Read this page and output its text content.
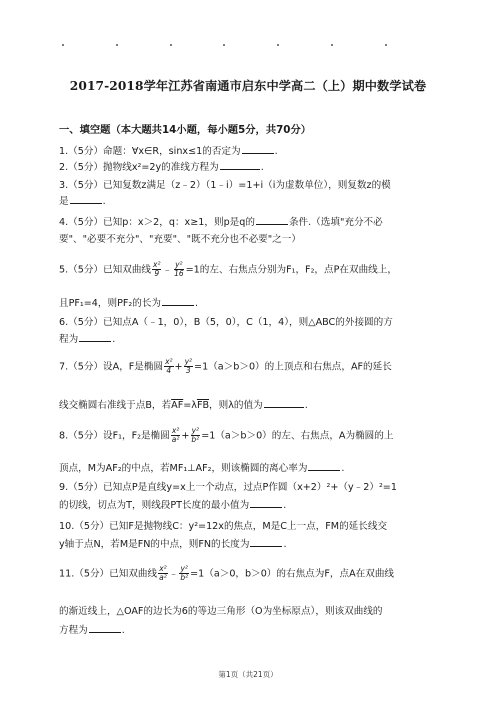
2017-2018学年江苏省南通市启东中学高二（上）期中数学试卷
一、填空题（本大题共14小题，每小题5分，共70分）
1.（5分）命题：∀x∈R，sinx≤1的否定为	.
2.（5分）抛物线x²=2y的准线方程为	.
3.（5分）已知复数z满足（z﹣2）（1﹣i）=1+i（i为虚数单位），则复数z的模
是	.
4.（5分）已知p：x＞2，q：x≥1，则p是q的	条件.（选填"充分不必
要"、"必要不充分"、"充要"、"既不充分也不必要"之一）
5.（5分）已知双曲线 $\frac{\text{x²}}{9}$ ﹣ $\frac{\text{y²}}{16} =1$的左、右焦点分别为F₁，F₂，点P在双曲线上，
且PF₁=4，则PF₂的长为	.
6.（5分）已知点A（﹣1，0），B（5，0），C（1，4），则△ABC的外接圆的方
程为	.
7.（5分）设A，F是椭圆 $\frac{\text{x²}}{4} + \frac{\text{y²}}{3} =1(a>b>0)$的上顶点和右焦点，AF的延长
线交椭圆右准线于点B，若$\overline{AF}=\lambda\overline{FB}$，则λ的值为	.
8.（5分）设F₁，F₂是椭圆 $\frac{\text{x²}}{\text{a²}} + \frac{\text{y²}}{\text{b²}} =1(a>b>0)$的左、右焦点，A为椭圆的上
顶点，M为AF₂的中点，若MF₁⊥AF₂，则该椭圆的离心率为	.
9.（5分）已知点P是直线y=x上一个动点，过点P作圆（x+2）²+（y﹣2）²=1
的切线，切点为T，则线段PT长度的最小值为	.
10.（5分）已知F是抛物线C：y²=12x的焦点，M是C上一点，FM的延长线交
y轴于点N，若M是FN的中点，则FN的长度为	.
11.（5分）已知双曲线 $\frac{\text{x²}}{\text{a²}}$ ﹣ $\frac{\text{y²}}{\text{b²}} =1(a>0$，b＞0）的右焦点为F，点A在双曲线
的渐近线上，△OAF的边长为6的等边三角形（O为坐标原点），则该双曲线的
方程为	.
第1页（共21页）
